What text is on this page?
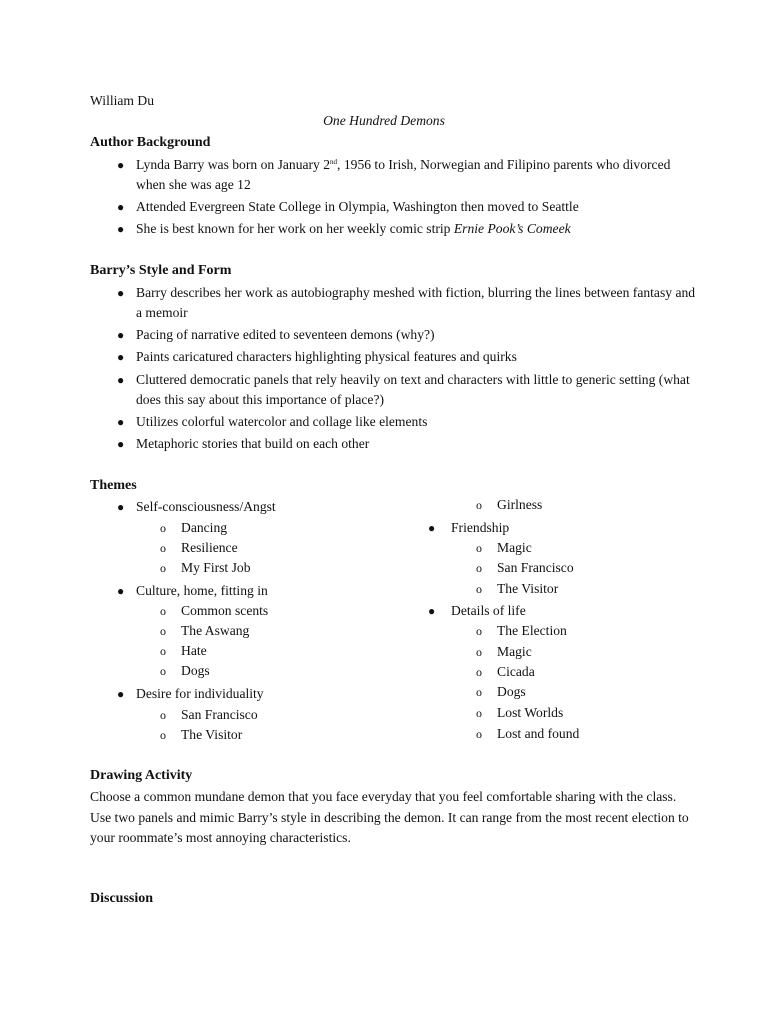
William Du
One Hundred Demons
Author Background
● Lynda Barry was born on January 2nd, 1956 to Irish, Norwegian and Filipino parents who divorced when she was age 12
● Attended Evergreen State College in Olympia, Washington then moved to Seattle
● She is best known for her work on her weekly comic strip Ernie Pook’s Comeek
Barry’s Style and Form
● Barry describes her work as autobiography meshed with fiction, blurring the lines between fantasy and a memoir
● Pacing of narrative edited to seventeen demons (why?)
● Paints caricatured characters highlighting physical features and quirks
● Cluttered democratic panels that rely heavily on text and characters with little to generic setting (what does this say about this importance of place?)
● Utilizes colorful watercolor and collage like elements
● Metaphoric stories that build on each other
Themes
● Self-consciousness/Angst
o Dancing
o Resilience
o My First Job
● Culture, home, fitting in
o Common scents
o The Aswang
o Hate
o Dogs
● Desire for individuality
o San Francisco
o The Visitor
o Girlness
● Friendship
o Magic
o San Francisco
o The Visitor
● Details of life
o The Election
o Magic
o Cicada
o Dogs
o Lost Worlds
o Lost and found
Drawing Activity
Choose a common mundane demon that you face everyday that you feel comfortable sharing with the class. Use two panels and mimic Barry’s style in describing the demon. It can range from the most recent election to your roommate’s most annoying characteristics.
Discussion
